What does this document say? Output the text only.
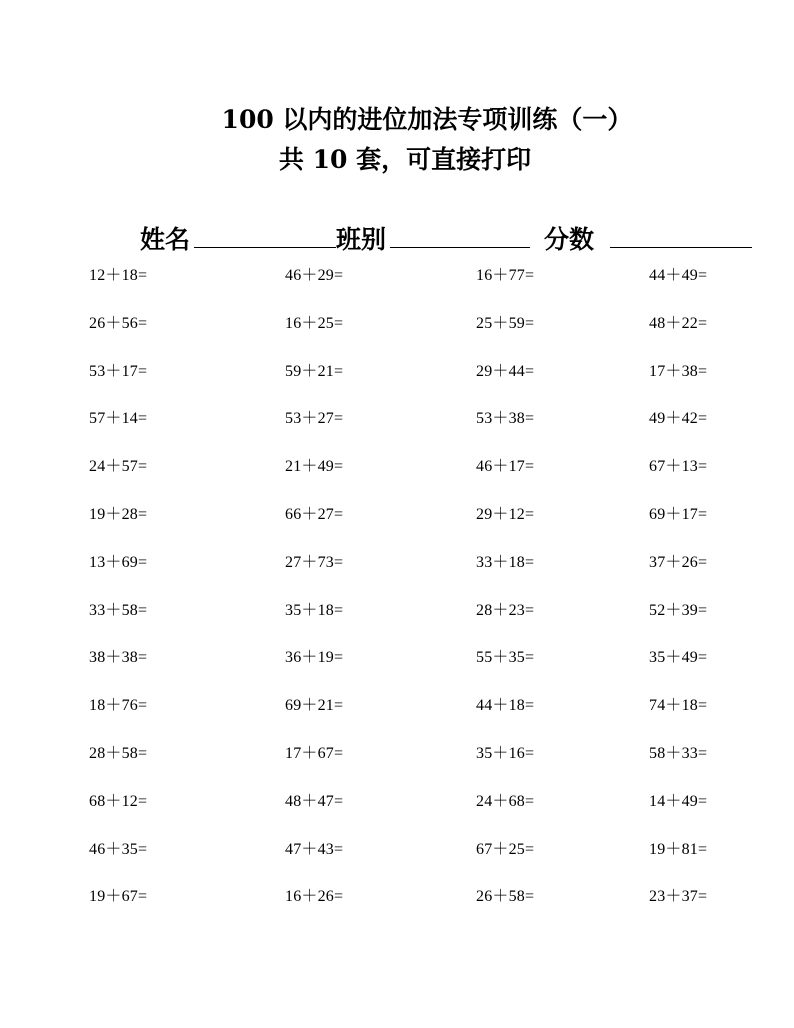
100 以内的进位加法专项训练（一）
共 10 套，可直接打印
姓名	班别	分数
12＋18=	46＋29=	16＋77=	44＋49=
26＋56=	16＋25=	25＋59=	48＋22=
53＋17=	59＋21=	29＋44=	17＋38=
57＋14=	53＋27=	53＋38=	49＋42=
24＋57=	21＋49=	46＋17=	67＋13=
19＋28=	66＋27=	29＋12=	69＋17=
13＋69=	27＋73=	33＋18=	37＋26=
33＋58=	35＋18=	28＋23=	52＋39=
38＋38=	36＋19=	55＋35=	35＋49=
18＋76=	69＋21=	44＋18=	74＋18=
28＋58=	17＋67=	35＋16=	58＋33=
68＋12=	48＋47=	24＋68=	14＋49=
46＋35=	47＋43=	67＋25=	19＋81=
19＋67=	16＋26=	26＋58=	23＋37=
